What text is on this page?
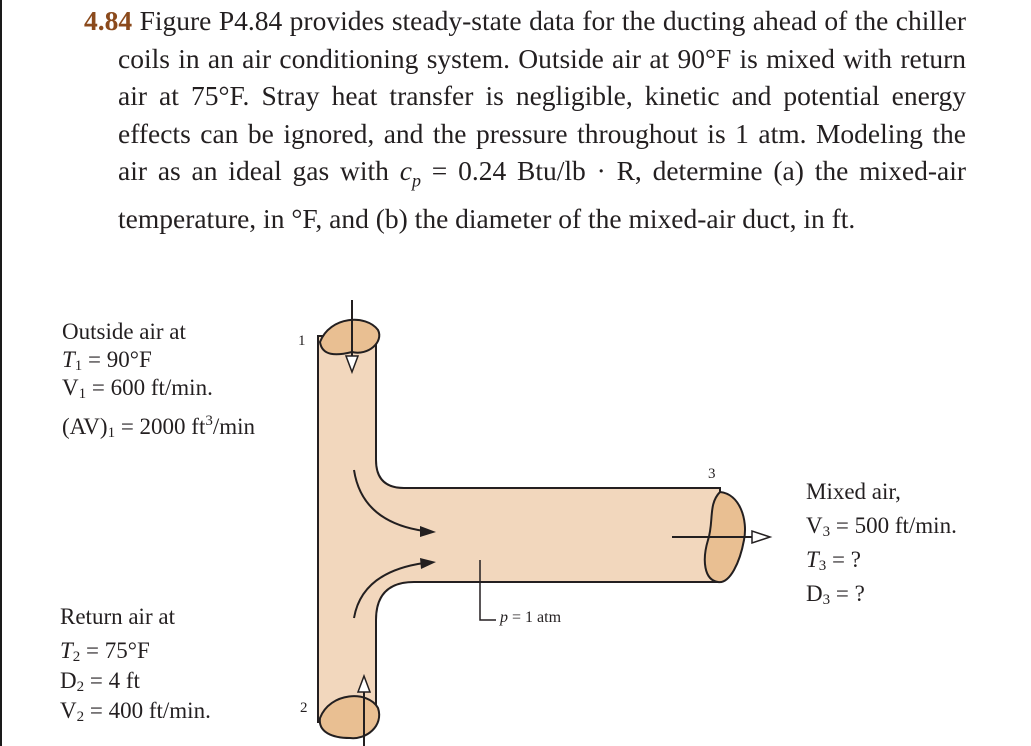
4.84 Figure P4.84 provides steady-state data for the ducting ahead of the chiller coils in an air conditioning system. Outside air at 90°F is mixed with return air at 75°F. Stray heat transfer is negligible, kinetic and potential energy effects can be ignored, and the pressure throughout is 1 atm. Modeling the air as an ideal gas with $c_p = 0.24$ Btu/lb · R, determine (a) the mixed-air temperature, in °F, and (b) the diameter of the mixed-air duct, in ft.
Outside air at
$T_1 = 90^\circ F$
$V_1 = 600$ ft/min.
$(AV)_1 = 2000$ $ft^3/\min$
1
Return air at
$T_2 = 75^\circ F$
$D_2 = 4$ ft
$V_2 = 400$ ft/min.	2
3
p = 1 atm
Mixed air,
$V_3 = 500$ ft/min.
$T_3$ = ?
$D_3$ = ?
